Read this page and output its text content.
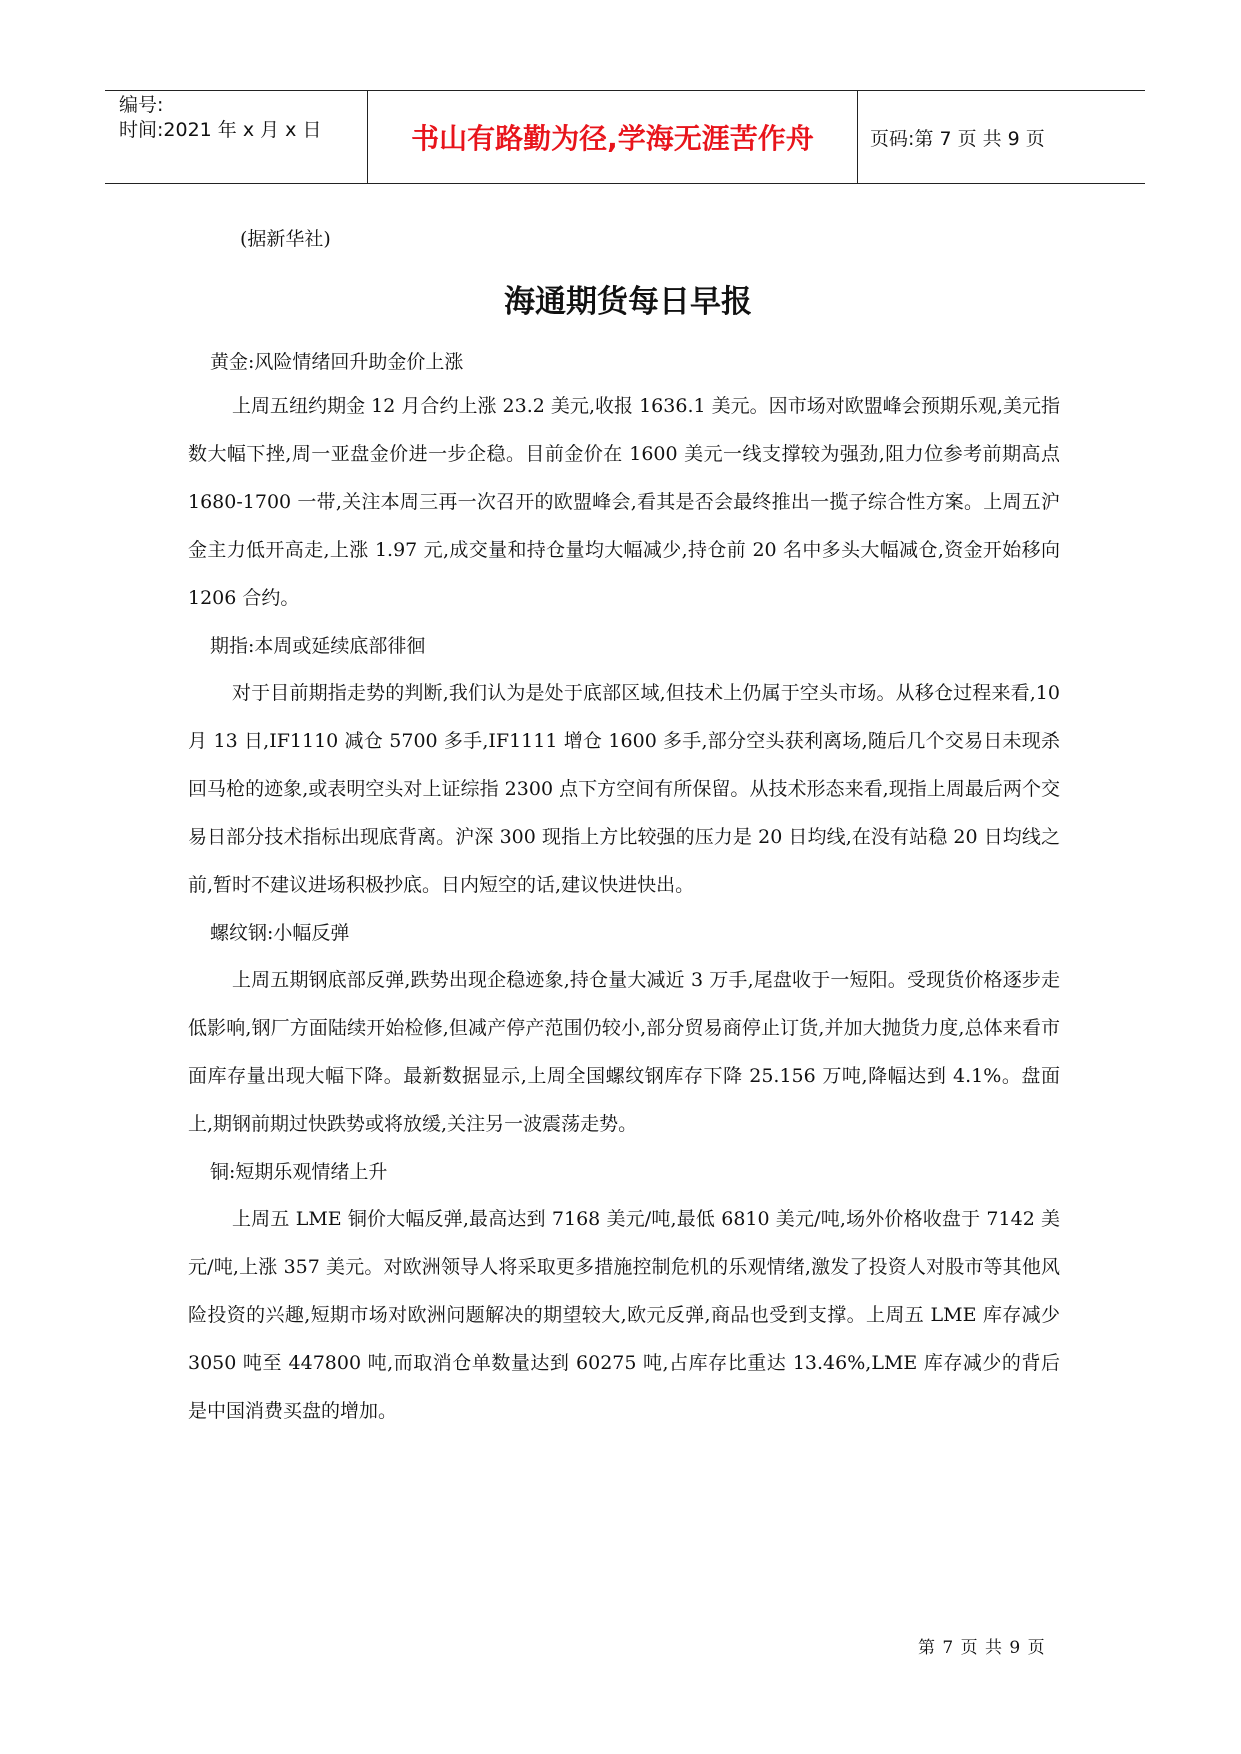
编号:
时间:2021 年 x 月 x 日	书山有路勤为径,学海无涯苦作舟	页码:第 7 页 共 9 页

(据新华社)

海通期货每日早报

黄金:风险情绪回升助金价上涨

上周五纽约期金 12 月合约上涨 23.2 美元,收报 1636.1 美元。因市场对欧盟峰会预期乐观,美元指数大幅下挫,周一亚盘金价进一步企稳。目前金价在 1600 美元一线支撑较为强劲,阻力位参考前期高点 1680-1700 一带,关注本周三再一次召开的欧盟峰会,看其是否会最终推出一揽子综合性方案。上周五沪金主力低开高走,上涨 1.97 元,成交量和持仓量均大幅减少,持仓前 20 名中多头大幅减仓,资金开始移向 1206 合约。

期指:本周或延续底部徘徊

对于目前期指走势的判断,我们认为是处于底部区域,但技术上仍属于空头市场。从移仓过程来看,10 月 13 日,IF1110 减仓 5700 多手,IF1111 增仓 1600 多手,部分空头获利离场,随后几个交易日未现杀回马枪的迹象,或表明空头对上证综指 2300 点下方空间有所保留。从技术形态来看,现指上周最后两个交易日部分技术指标出现底背离。沪深 300 现指上方比较强的压力是 20 日均线,在没有站稳 20 日均线之前,暂时不建议进场积极抄底。日内短空的话,建议快进快出。

螺纹钢:小幅反弹

上周五期钢底部反弹,跌势出现企稳迹象,持仓量大减近 3 万手,尾盘收于一短阳。受现货价格逐步走低影响,钢厂方面陆续开始检修,但减产停产范围仍较小,部分贸易商停止订货,并加大抛货力度,总体来看市面库存量出现大幅下降。最新数据显示,上周全国螺纹钢库存下降 25.156 万吨,降幅达到 4.1%。盘面上,期钢前期过快跌势或将放缓,关注另一波震荡走势。

铜:短期乐观情绪上升

上周五 LME 铜价大幅反弹,最高达到 7168 美元/吨,最低 6810 美元/吨,场外价格收盘于 7142 美元/吨,上涨 357 美元。对欧洲领导人将采取更多措施控制危机的乐观情绪,激发了投资人对股市等其他风险投资的兴趣,短期市场对欧洲问题解决的期望较大,欧元反弹,商品也受到支撑。上周五 LME 库存减少 3050 吨至 447800 吨,而取消仓单数量达到 60275 吨,占库存比重达 13.46%,LME 库存减少的背后是中国消费买盘的增加。

第 7 页 共 9 页
